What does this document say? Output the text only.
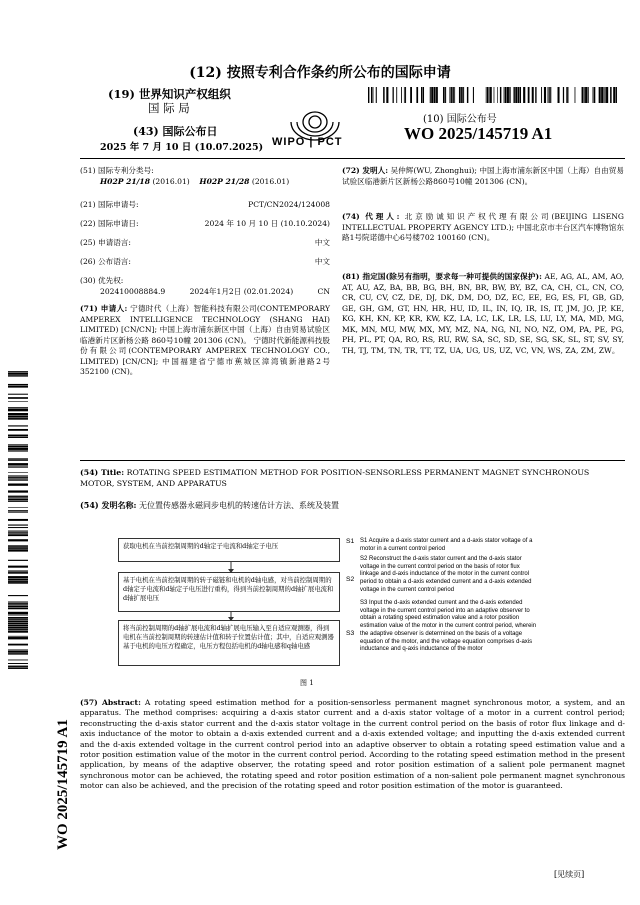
(12) 按照专利合作条约所公布的国际申请
(19) 世界知识产权组织
国 际 局
(43) 国际公布日
2025 年 7 月 10 日 (10.07.2025)
(10) 国际公布号
WO 2025/145719 A1
WIPO | PCT
(51) 国际专利分类号:
H02P 21/18 (2016.01) H02P 21/28 (2016.01)
(21) 国际申请号:	PCT/CN2024/124008
(22) 国际申请日:	2024 年 10 月 10 日 (10.10.2024)
(25) 申请语言:	中文
(26) 公布语言:	中文
(30) 优先权:
202410008884.9	2024年1月2日 (02.01.2024)	CN
(71) 申请人: 宁德时代（上海）智能科技有限公司(CONTEMPORARY AMPEREX INTELLIGENCE TECHNOLOGY (SHANG HAI) LIMITED) [CN/CN]; 中国上海市浦东新区中国（上海）自由贸易试验区临港新片区新杨公路 860号10幢 201306 (CN)。 宁德时代新能源科技股份有限公司(CONTEMPORARY AMPEREX TECHNOLOGY CO., LIMITED) [CN/CN]; 中国福建省宁德市蕉城区漳湾镇新港路2号 352100 (CN)。
(72) 发明人: 吴仲辉(WU, Zhonghui); 中国上海市浦东新区中国（上海）自由贸易试验区临港新片区新杨公路860号10幢 201306 (CN)。
(74) 代理人: 北京励诚知识产权代理有限公司(BEIJING LISENG INTELLECTUAL PROPERTY AGENCY LTD.); 中国北京市丰台区汽车博物馆东路1号院诺德中心6号楼702 100160 (CN)。
(81) 指定国(除另有指明，要求每一种可提供的国家保护): AE, AG, AL, AM, AO, AT, AU, AZ, BA, BB, BG, BH, BN, BR, BW, BY, BZ, CA, CH, CL, CN, CO, CR, CU, CV, CZ, DE, DJ, DK, DM, DO, DZ, EC, EE, EG, ES, FI, GB, GD, GE, GH, GM, GT, HN, HR, HU, ID, IL, IN, IQ, IR, IS, IT, JM, JO, JP, KE, KG, KH, KN, KP, KR, KW, KZ, LA, LC, LK, LR, LS, LU, LY, MA, MD, MG, MK, MN, MU, MW, MX, MY, MZ, NA, NG, NI, NO, NZ, OM, PA, PE, PG, PH, PL, PT, QA, RO, RS, RU, RW, SA, SC, SD, SE, SG, SK, SL, ST, SV, SY, TH, TJ, TM, TN, TR, TT, TZ, UA, UG, US, UZ, VC, VN, WS, ZA, ZM, ZW。
(54) Title: ROTATING SPEED ESTIMATION METHOD FOR POSITION-SENSORLESS PERMANENT MAGNET SYNCHRONOUS MOTOR, SYSTEM, AND APPARATUS
(54) 发明名称: 无位置传感器永磁同步电机的转速估计方法、系统及装置
获取电机在当前控制周期的d轴定子电流和d轴定子电压
基于电机在当前控制周期的转子磁链和电机的d轴电感，对当前控制周期的d轴定子电流和d轴定子电压进行重构，得到当前控制周期的d轴扩展电流和d轴扩展电压
将当前控制周期的d轴扩展电流和d轴扩展电压输入至自适应观测器，得到电机在当前控制周期的转速估计值和转子位置估计值；其中，自适应观测器基于电机的电压方程确定，电压方程包括电机的d轴电感和q轴电感
S1
S2
S3
S1 Acquire a d-axis stator current and a d-axis stator voltage of a motor in a current control period
S2 Reconstruct the d-axis stator current and the d-axis stator voltage in the current control period on the basis of rotor flux linkage and d-axis inductance of the motor in the current control period to obtain a d-axis extended current and a d-axis extended voltage in the current control period
S3 Input the d-axis extended current and the d-axis extended voltage in the current control period into an adaptive observer to obtain a rotating speed estimation value and a rotor position estimation value of the motor in the current control period, wherein the adaptive observer is determined on the basis of a voltage equation of the motor, and the voltage equation comprises d-axis inductance and q-axis inductance of the motor
图 1
(57) Abstract: A rotating speed estimation method for a position-sensorless permanent magnet synchronous motor, a system, and an apparatus. The method comprises: acquiring a d-axis stator current and a d-axis stator voltage of a motor in a current control period; reconstructing the d-axis stator current and the d-axis stator voltage in the current control period on the basis of rotor flux linkage and d-axis inductance of the motor to obtain a d-axis extended current and a d-axis extended voltage; and inputting the d-axis extended current and the d-axis extended voltage in the current control period into an adaptive observer to obtain a rotating speed estimation value and a rotor position estimation value of the motor in the current control period. According to the rotating speed estimation method in the present application, by means of the adaptive observer, the rotating speed and rotor position estimation of a salient pole permanent magnet synchronous motor can be achieved, the rotating speed and rotor position estimation of a non-salient pole permanent magnet synchronous motor can also be achieved, and the precision of the rotating speed and rotor position estimation of the motor is guaranteed.
[见续页]
WO 2025/145719 A1
